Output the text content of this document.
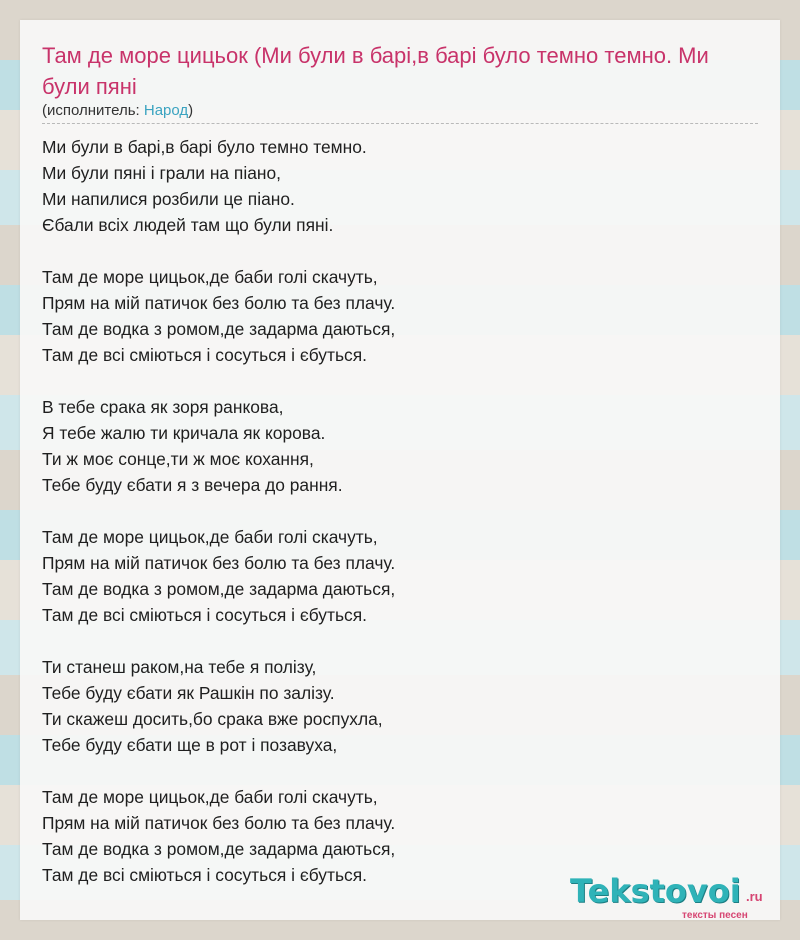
Там де море цицьок (Ми були в барі,в барі було темно темно. Ми були пяні
(исполнитель: Народ)
Ми були в барі,в барі було темно темно.
Ми були пяні і грали на піано,
Ми напилися розбили це піано.
Єбали всіх людей там що були пяні.
Там де море цицьок,де баби голі скачуть,
Прям на мій патичок без болю та без плачу.
Там де водка з ромом,де задарма даються,
Там де всі сміються і сосуться і єбуться.
В тебе срака як зоря ранкова,
Я тебе жалю ти кричала як корова.
Ти ж моє сонце,ти ж моє кохання,
Тебе буду єбати я з вечера до рання.
Там де море цицьок,де баби голі скачуть,
Прям на мій патичок без болю та без плачу.
Там де водка з ромом,де задарма даються,
Там де всі сміються і сосуться і єбуться.
Ти станеш раком,на тебе я полізу,
Тебе буду єбати як Рашкін по залізу.
Ти скажеш досить,бо срака вже роспухла,
Тебе буду єбати ще в рот і позавуха,
Там де море цицьок,де баби голі скачуть,
Прям на мій патичок без болю та без плачу.
Там де водка з ромом,де задарма даються,
Там де всі сміються і сосуться і єбуться.	Tekstovoi .ru
тексты песен
